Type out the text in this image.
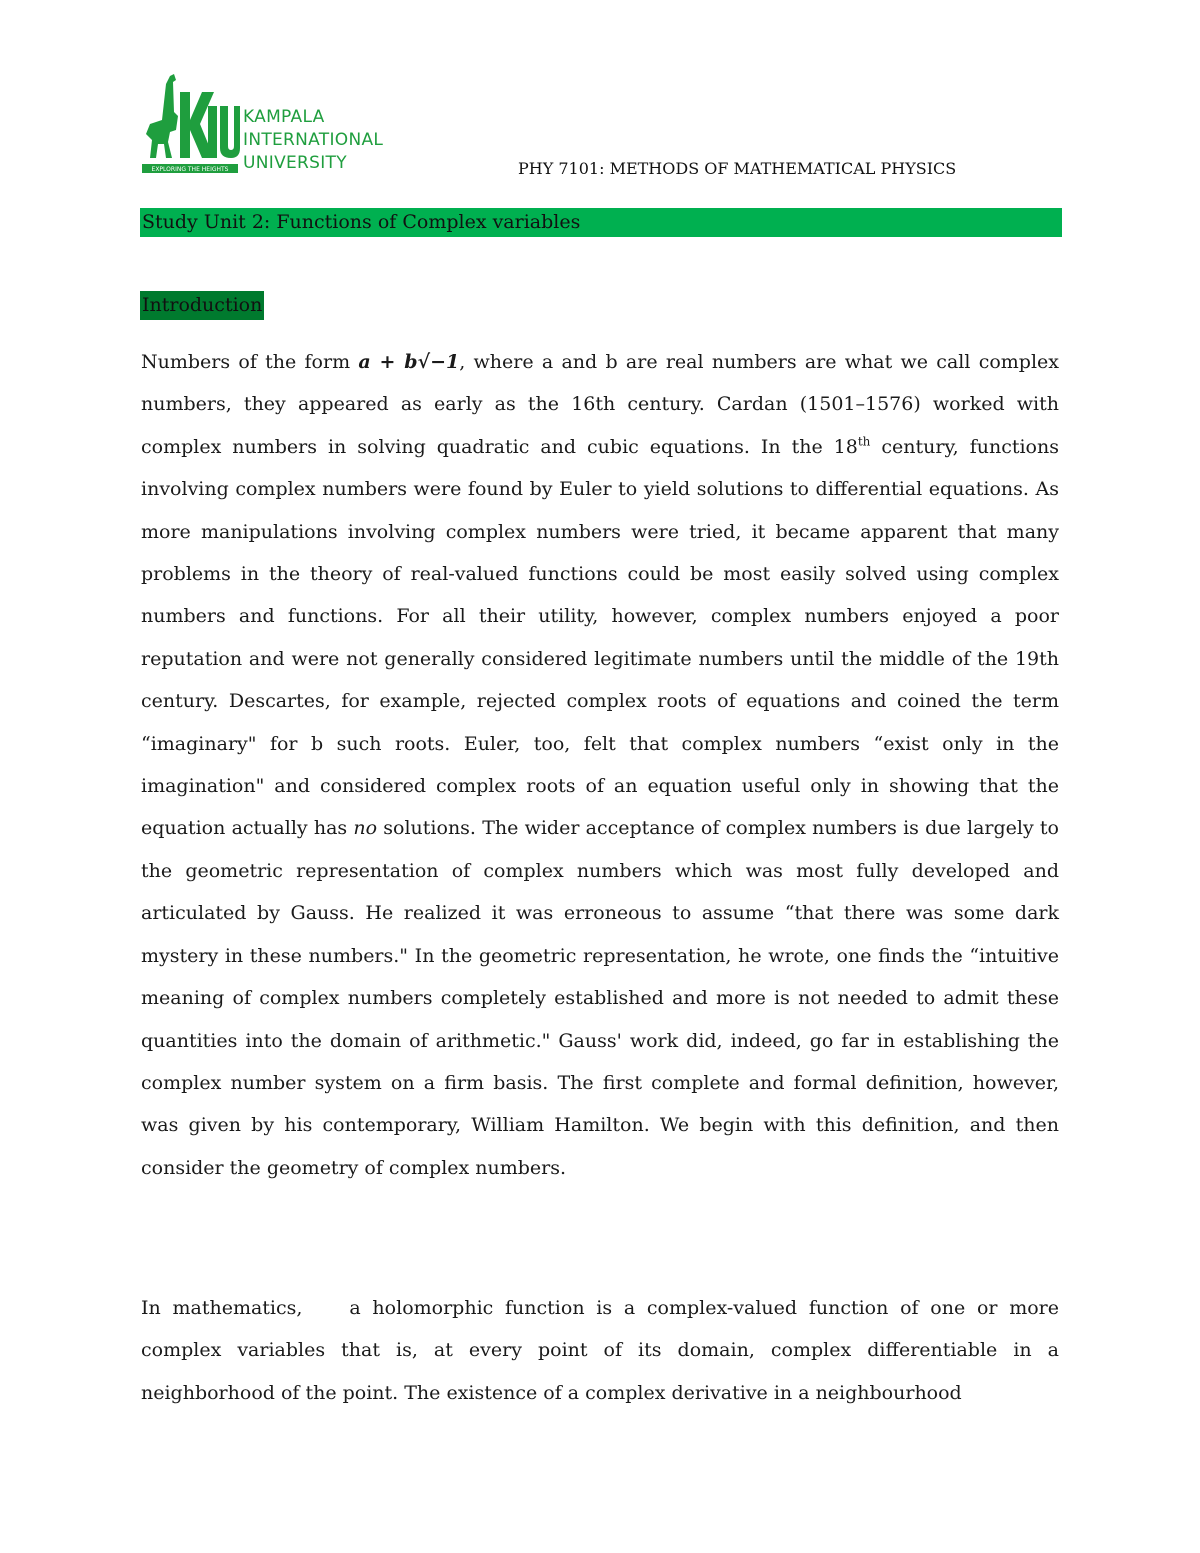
EXPLORING THE HEIGHTS
KAMPALA
INTERNATIONAL
UNIVERSITY	PHY 7101: METHODS OF MATHEMATICAL PHYSICS
Study Unit 2: Functions of Complex variables
Introduction
Numbers of the form a + b√−1, where a and b are real numbers are what we call complex numbers, they appeared as early as the 16th century. Cardan (1501–1576) worked with complex numbers in solving quadratic and cubic equations. In the 18th century, functions involving complex numbers were found by Euler to yield solutions to differential equations. As more manipulations involving complex numbers were tried, it became apparent that many problems in the theory of real-valued functions could be most easily solved using complex numbers and functions. For all their utility, however, complex numbers enjoyed a poor reputation and were not generally considered legitimate numbers until the middle of the 19th century. Descartes, for example, rejected complex roots of equations and coined the term “imaginary" for b such roots. Euler, too, felt that complex numbers “exist only in the imagination" and considered complex roots of an equation useful only in showing that the equation actually has no solutions. The wider acceptance of complex numbers is due largely to the geometric representation of complex numbers which was most fully developed and articulated by Gauss. He realized it was erroneous to assume “that there was some dark mystery in these numbers." In the geometric representation, he wrote, one finds the “intuitive meaning of complex numbers completely established and more is not needed to admit these quantities into the domain of arithmetic." Gauss' work did, indeed, go far in establishing the complex number system on a firm basis. The first complete and formal definition, however, was given by his contemporary, William Hamilton. We begin with this definition, and then consider the geometry of complex numbers.
In mathematics,    a holomorphic function is a complex-valued function of one or more complex variables that is, at every point of its domain, complex differentiable in a neighborhood of the point. The existence of a complex derivative in a neighbourhood
